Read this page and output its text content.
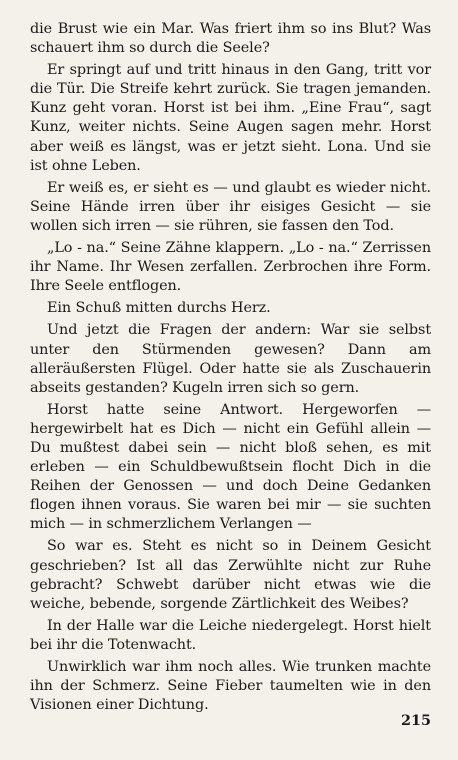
die Brust wie ein Mar. Was friert ihm so ins Blut? Was schauert ihm so durch die Seele?

Er springt auf und tritt hinaus in den Gang, tritt vor die Tür. Die Streife kehrt zurück. Sie tragen jemanden. Kunz geht voran. Horst ist bei ihm. „Eine Frau“, sagt Kunz, weiter nichts. Seine Augen sagen mehr. Horst aber weiß es längst, was er jetzt sieht. Lona. Und sie ist ohne Leben.

Er weiß es, er sieht es — und glaubt es wieder nicht. Seine Hände irren über ihr eisiges Gesicht — sie wollen sich irren — sie rühren, sie fassen den Tod.

„Lo - na.“ Seine Zähne klappern. „Lo - na.“ Zerrissen ihr Name. Ihr Wesen zerfallen. Zerbrochen ihre Form. Ihre Seele entflogen.

Ein Schuß mitten durchs Herz.

Und jetzt die Fragen der andern: War sie selbst unter den Stürmenden gewesen? Dann am alleräußersten Flügel. Oder hatte sie als Zuschauerin abseits gestanden? Kugeln irren sich so gern.

Horst hatte seine Antwort. Hergeworfen — hergewirbelt hat es Dich — nicht ein Gefühl allein — Du mußtest dabei sein — nicht bloß sehen, es mit erleben — ein Schuldbewußtsein flocht Dich in die Reihen der Genossen — und doch Deine Gedanken flogen ihnen voraus. Sie waren bei mir — sie suchten mich — in schmerzlichem Verlangen —

So war es. Steht es nicht so in Deinem Gesicht geschrieben? Ist all das Zerwühlte nicht zur Ruhe gebracht? Schwebt darüber nicht etwas wie die weiche, bebende, sorgende Zärtlichkeit des Weibes?

In der Halle war die Leiche niedergelegt. Horst hielt bei ihr die Totenwacht.

Unwirklich war ihm noch alles. Wie trunken machte ihn der Schmerz. Seine Fieber taumelten wie in den Visionen einer Dichtung.

215
